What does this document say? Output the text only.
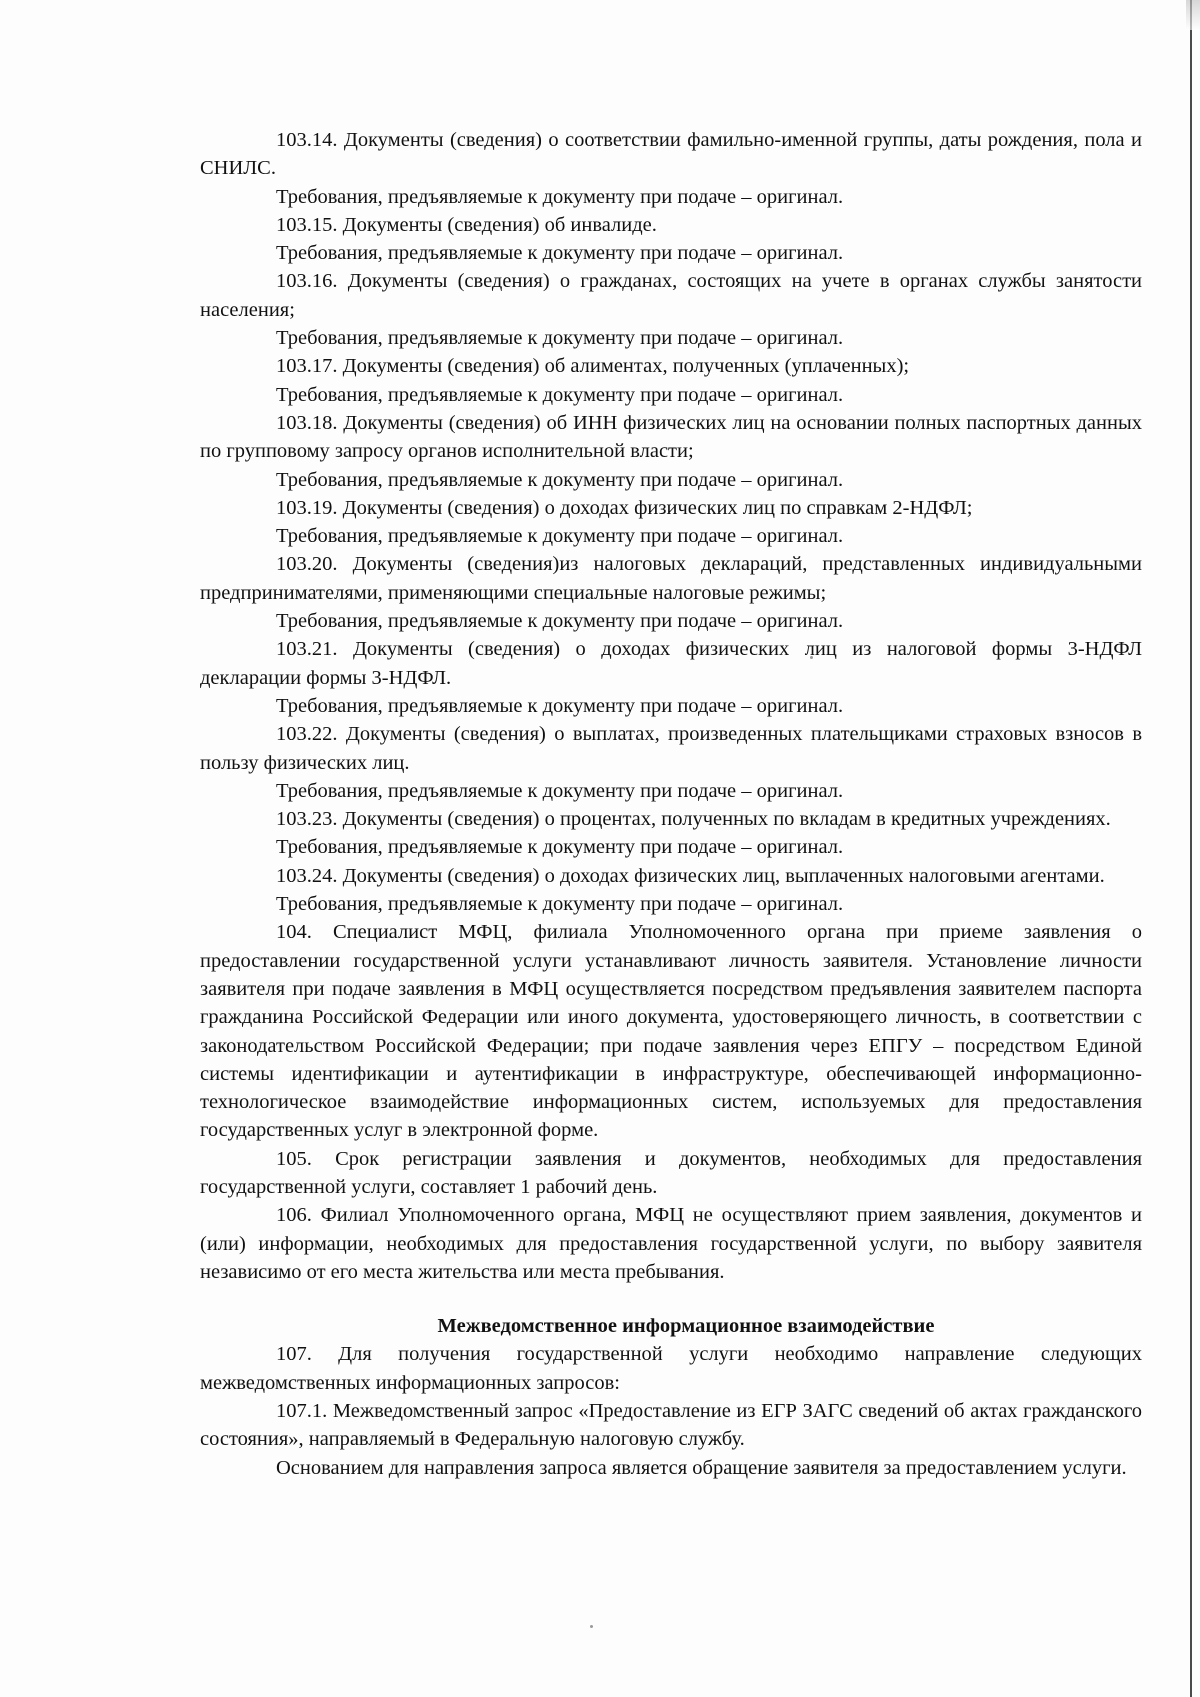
103.14. Документы (сведения) о соответствии фамильно-именной группы, даты рождения, пола и СНИЛС.

Требования, предъявляемые к документу при подаче – оригинал.

103.15. Документы (сведения) об инвалиде.

Требования, предъявляемые к документу при подаче – оригинал.

103.16. Документы (сведения) о гражданах, состоящих на учете в органах службы занятости населения;

Требования, предъявляемые к документу при подаче – оригинал.

103.17. Документы (сведения) об алиментах, полученных (уплаченных);

Требования, предъявляемые к документу при подаче – оригинал.

103.18. Документы (сведения) об ИНН физических лиц на основании полных паспортных данных по групповому запросу органов исполнительной власти;

Требования, предъявляемые к документу при подаче – оригинал.

103.19. Документы (сведения) о доходах физических лиц по справкам 2-НДФЛ;

Требования, предъявляемые к документу при подаче – оригинал.

103.20. Документы (сведения)из налоговых деклараций, представленных индивидуальными предпринимателями, применяющими специальные налоговые режимы;

Требования, предъявляемые к документу при подаче – оригинал.

103.21. Документы (сведения) о доходах физических лиц из налоговой формы 3-НДФЛ декларации формы 3-НДФЛ.

Требования, предъявляемые к документу при подаче – оригинал.

103.22. Документы (сведения) о выплатах, произведенных плательщиками страховых взносов в пользу физических лиц.

Требования, предъявляемые к документу при подаче – оригинал.

103.23. Документы (сведения) о процентах, полученных по вкладам в кредитных учреждениях.

Требования, предъявляемые к документу при подаче – оригинал.

103.24. Документы (сведения) о доходах физических лиц, выплаченных налоговыми агентами.

Требования, предъявляемые к документу при подаче – оригинал.

104. Специалист МФЦ, филиала Уполномоченного органа при приеме заявления о предоставлении государственной услуги устанавливают личность заявителя. Установление личности заявителя при подаче заявления в МФЦ осуществляется посредством предъявления заявителем паспорта гражданина Российской Федерации или иного документа, удостоверяющего личность, в соответствии с законодательством Российской Федерации; при подаче заявления через ЕПГУ – посредством Единой системы идентификации и аутентификации в инфраструктуре, обеспечивающей информационно-технологическое взаимодействие информационных систем, используемых для предоставления государственных услуг в электронной форме.

105. Срок регистрации заявления и документов, необходимых для предоставления государственной услуги, составляет 1 рабочий день.

106. Филиал Уполномоченного органа, МФЦ не осуществляют прием заявления, документов и (или) информации, необходимых для предоставления государственной услуги, по выбору заявителя независимо от его места жительства или места пребывания.

Межведомственное информационное взаимодействие

107. Для получения государственной услуги необходимо направление следующих межведомственных информационных запросов:

107.1. Межведомственный запрос «Предоставление из ЕГР ЗАГС сведений об актах гражданского состояния», направляемый в Федеральную налоговую службу.

Основанием для направления запроса является обращение заявителя за предоставлением услуги.
